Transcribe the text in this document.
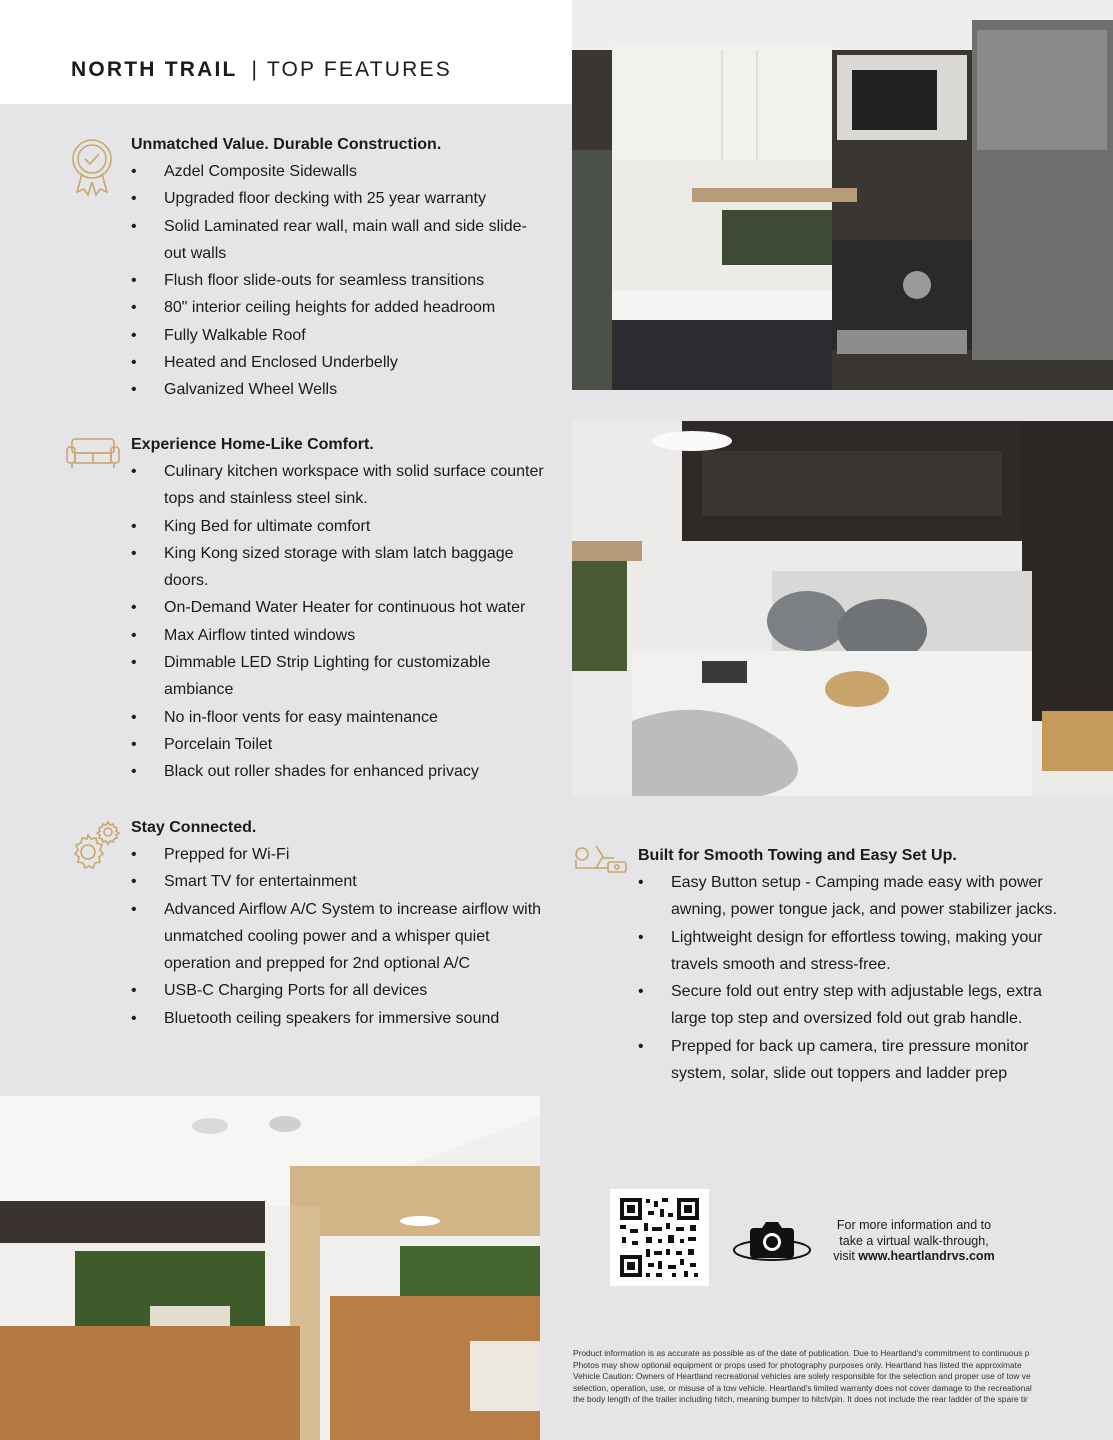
NORTH TRAIL | TOP FEATURES
Unmatched Value. Durable Construction.
• Azdel Composite Sidewalls
• Upgraded floor decking with 25 year warranty
• Solid Laminated rear wall, main wall and side slide-out walls
• Flush floor slide-outs for seamless transitions
• 80" interior ceiling heights for added headroom
• Fully Walkable Roof
• Heated and Enclosed Underbelly
• Galvanized Wheel Wells
Experience Home-Like Comfort.
• Culinary kitchen workspace with solid surface counter tops and stainless steel sink.
• King Bed for ultimate comfort
• King Kong sized storage with slam latch baggage doors.
• On-Demand Water Heater for continuous hot water
• Max Airflow tinted windows
• Dimmable LED Strip Lighting for customizable ambiance
• No in-floor vents for easy maintenance
• Porcelain Toilet
• Black out roller shades for enhanced privacy
Stay Connected.
• Prepped for Wi-Fi
• Smart TV for entertainment
• Advanced Airflow A/C System to increase airflow with unmatched cooling power and a whisper quiet operation and prepped for 2nd optional A/C
• USB-C Charging Ports for all devices
• Bluetooth ceiling speakers for immersive sound
Built for Smooth Towing and Easy Set Up.
• Easy Button setup - Camping made easy with power awning, power tongue jack, and power stabilizer jacks.
• Lightweight design for effortless towing, making your travels smooth and stress-free.
• Secure fold out entry step with adjustable legs, extra large top step and oversized fold out grab handle.
• Prepped for back up camera, tire pressure monitor system, solar, slide out toppers and ladder prep
For more information and to
take a virtual walk-through,
visit www.heartlandrvs.com
Product information is as accurate as possible as of the date of publication. Due to Heartland's commitment to continuous p
Photos may show optional equipment or props used for photography purposes only. Heartland has listed the approximate
Vehicle Caution: Owners of Heartland recreational vehicles are solely responsible for the selection and proper use of tow ve
selection, operation, use, or misuse of a tow vehicle. Heartland's limited warranty does not cover damage to the recreational
the body length of the trailer including hitch, meaning bumper to hitch/pin. It does not include the rear ladder of the spare tir
